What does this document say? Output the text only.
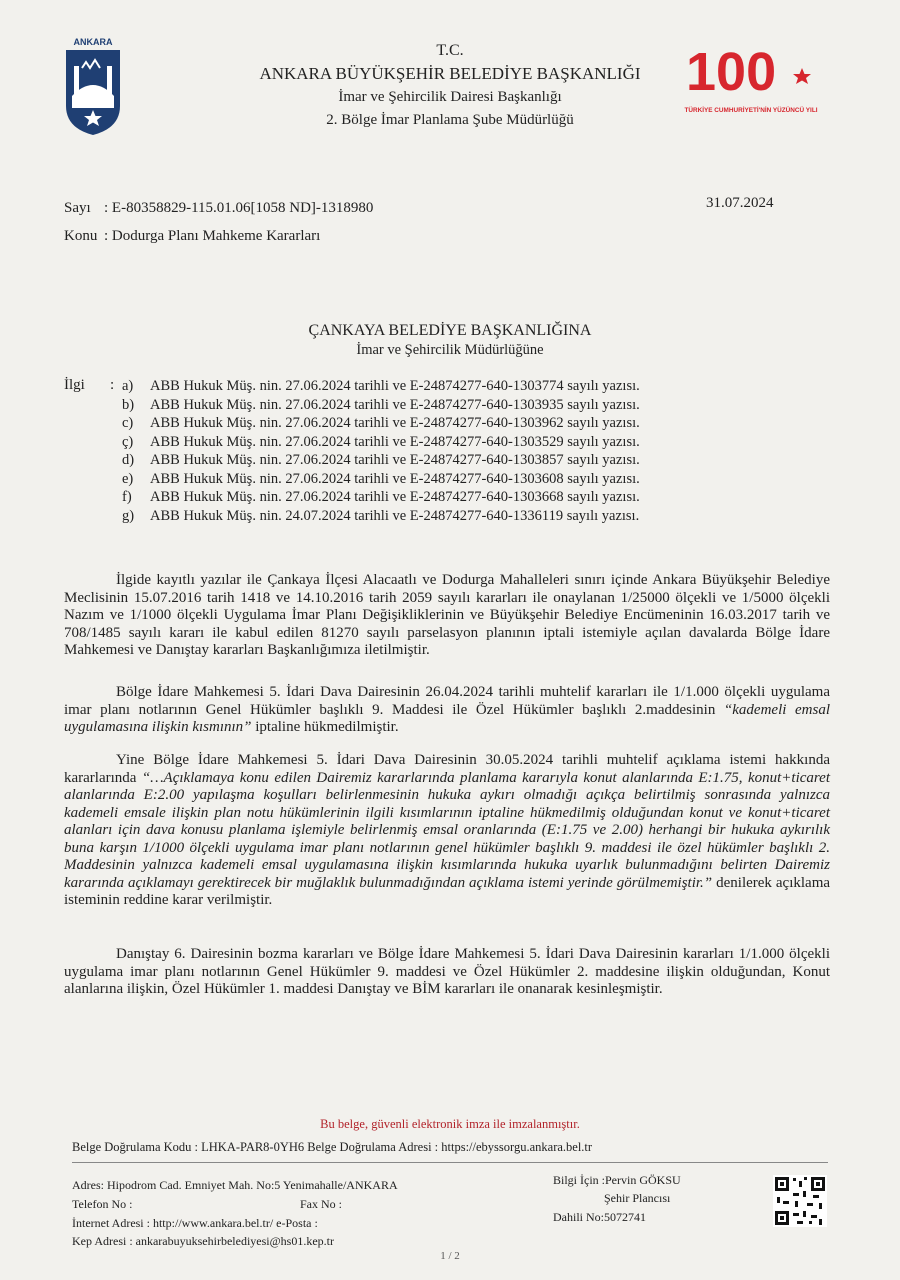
ANKARA	T.C.
ANKARA BÜYÜKŞEHİR BELEDİYE BAŞKANLIĞI
İmar ve Şehircilik Dairesi Başkanlığı
2. Bölge İmar Planlama Şube Müdürlüğü
100
TÜRKİYE CUMHURİYETİ'NİN YÜZÜNCÜ YILI
Sayı : E-80358829-115.01.06[1058 ND]-1318980	31.07.2024
Konu : Dodurga Planı Mahkeme Kararları
ÇANKAYA BELEDİYE BAŞKANLIĞINA
İmar ve Şehircilik Müdürlüğüne
İlgi : a) ABB Hukuk Müş. nin. 27.06.2024 tarihli ve E-24874277-640-1303774 sayılı yazısı.
b) ABB Hukuk Müş. nin. 27.06.2024 tarihli ve E-24874277-640-1303935 sayılı yazısı.
c) ABB Hukuk Müş. nin. 27.06.2024 tarihli ve E-24874277-640-1303962 sayılı yazısı.
ç) ABB Hukuk Müş. nin. 27.06.2024 tarihli ve E-24874277-640-1303529 sayılı yazısı.
d) ABB Hukuk Müş. nin. 27.06.2024 tarihli ve E-24874277-640-1303857 sayılı yazısı.
e) ABB Hukuk Müş. nin. 27.06.2024 tarihli ve E-24874277-640-1303608 sayılı yazısı.
f) ABB Hukuk Müş. nin. 27.06.2024 tarihli ve E-24874277-640-1303668 sayılı yazısı.
g) ABB Hukuk Müş. nin. 24.07.2024 tarihli ve E-24874277-640-1336119 sayılı yazısı.
İlgide kayıtlı yazılar ile Çankaya İlçesi Alacaatlı ve Dodurga Mahalleleri sınırı içinde Ankara Büyükşehir Belediye Meclisinin 15.07.2016 tarih 1418 ve 14.10.2016 tarih 2059 sayılı kararları ile onaylanan 1/25000 ölçekli ve 1/5000 ölçekli Nazım ve 1/1000 ölçekli Uygulama İmar Planı Değişikliklerinin ve Büyükşehir Belediye Encümeninin 16.03.2017 tarih ve 708/1485 sayılı kararı ile kabul edilen 81270 sayılı parselasyon planının iptali istemiyle açılan davalarda Bölge İdare Mahkemesi ve Danıştay kararları Başkanlığımıza iletilmiştir.
Bölge İdare Mahkemesi 5. İdari Dava Dairesinin 26.04.2024 tarihli muhtelif kararları ile 1/1.000 ölçekli uygulama imar planı notlarının Genel Hükümler başlıklı 9. Maddesi ile Özel Hükümler başlıklı 2.maddesinin “kademeli emsal uygulamasına ilişkin kısmının” iptaline hükmedilmiştir.
Yine Bölge İdare Mahkemesi 5. İdari Dava Dairesinin 30.05.2024 tarihli muhtelif açıklama istemi hakkında kararlarında “…Açıklamaya konu edilen Dairemiz kararlarında planlama kararıyla konut alanlarında E:1.75, konut+ticaret alanlarında E:2.00 yapılaşma koşulları belirlenmesinin hukuka aykırı olmadığı açıkça belirtilmiş sonrasında yalnızca kademeli emsale ilişkin plan notu hükümlerinin ilgili kısımlarının iptaline hükmedilmiş olduğundan konut ve konut+ticaret alanları için dava konusu planlama işlemiyle belirlenmiş emsal oranlarında (E:1.75 ve 2.00) herhangi bir hukuka aykırılık buna karşın 1/1000 ölçekli uygulama imar planı notlarının genel hükümler başlıklı 9. maddesi ile özel hükümler başlıklı 2. Maddesinin yalnızca kademeli emsal uygulamasına ilişkin kısımlarında hukuka uyarlık bulunmadığını belirten Dairemiz kararında açıklamayı gerektirecek bir muğlaklık bulunmadığından açıklama istemi yerinde görülmemiştir.” denilerek açıklama isteminin reddine karar verilmiştir.
Danıştay 6. Dairesinin bozma kararları ve Bölge İdare Mahkemesi 5. İdari Dava Dairesinin kararları 1/1.000 ölçekli uygulama imar planı notlarının Genel Hükümler 9. maddesi ve Özel Hükümler 2. maddesine ilişkin olduğundan, Konut alanlarına ilişkin, Özel Hükümler 1. maddesi Danıştay ve BİM kararları ile onanarak kesinleşmiştir.
Bu belge, güvenli elektronik imza ile imzalanmıştır.
Belge Doğrulama Kodu : LHKA-PAR8-0YH6 Belge Doğrulama Adresi : https://ebyssorgu.ankara.bel.tr
Adres: Hipodrom Cad. Emniyet Mah. No:5 Yenimahalle/ANKARA
Telefon No :	Fax No :
İnternet Adresi : http://www.ankara.bel.tr/ e-Posta :
Kep Adresi : ankarabuyuksehirbelediyesi@hs01.kep.tr
Bilgi İçin :Pervin GÖKSU
Şehir Plancısı
Dahili No:5072741
1 / 2
